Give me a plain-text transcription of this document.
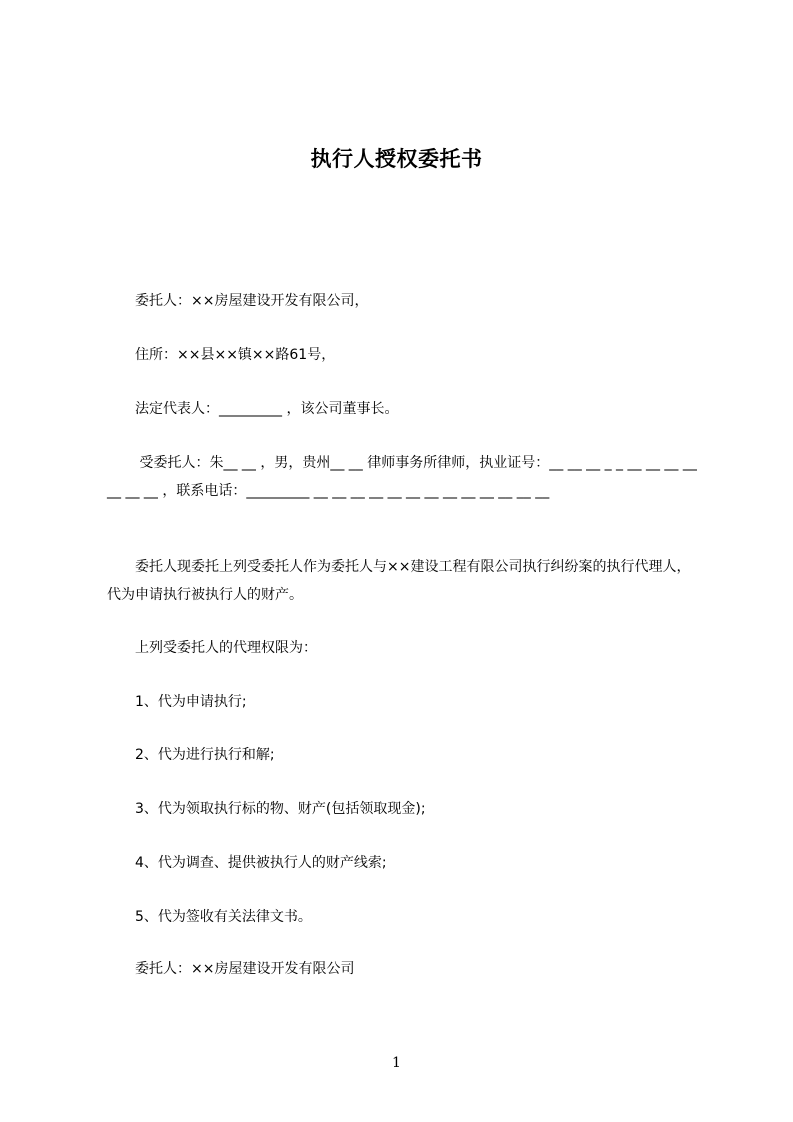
执行人授权委托书
委托人：××房屋建设开发有限公司，
住所：××县××镇××路61号，
法定代表人：_________ ，该公司董事长。
受委托人：朱__ __ ，男，贵州__ __ 律师事务所律师，执业证号：__ __ __ _ _ __ __ __ __ __ __ __ ，联系电话：_________ __ __ __ __ __ __ __ __ __ __ __ __ __
委托人现委托上列受委托人作为委托人与××建设工程有限公司执行纠纷案的执行代理人，代为申请执行被执行人的财产。
上列受委托人的代理权限为：
1、代为申请执行;
2、代为进行执行和解;
3、代为领取执行标的物、财产(包括领取现金);
4、代为调查、提供被执行人的财产线索;
5、代为签收有关法律文书。
委托人：××房屋建设开发有限公司
1
